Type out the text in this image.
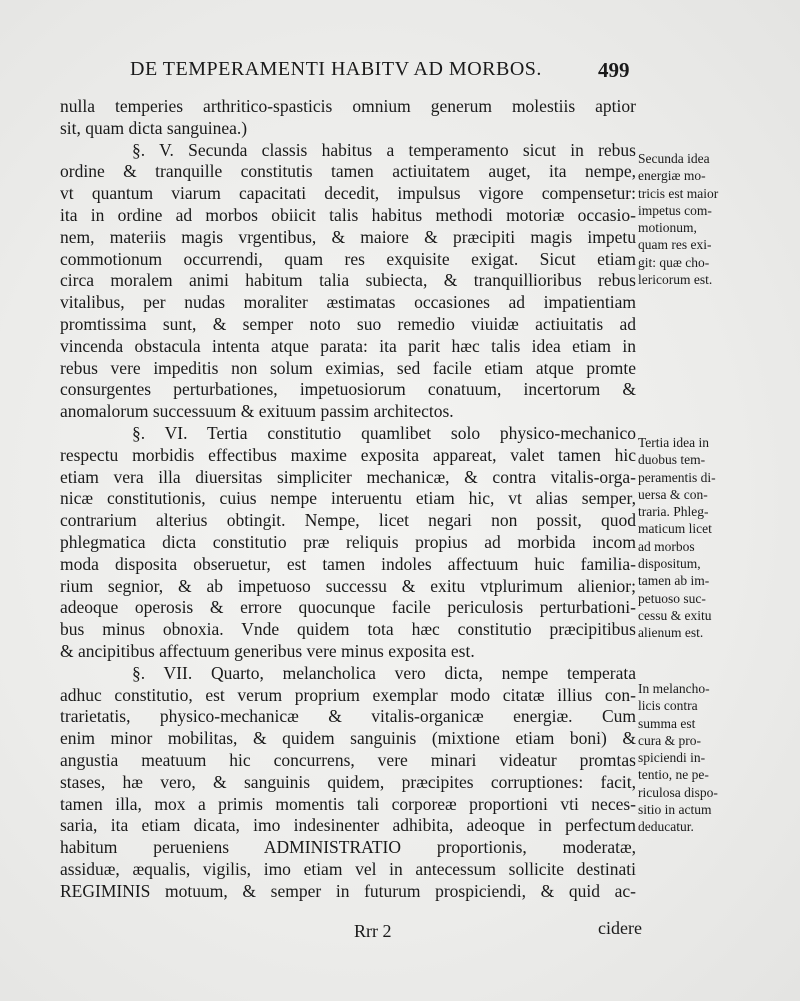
DE TEMPERAMENTI HABITV AD MORBOS.	499
nulla temperies arthritico-spasticis omnium generum molestiis aptior
sit, quam dicta sanguinea.)
§. V. Secunda classis habitus a temperamento sicut in rebus
ordine & tranquille constitutis tamen actiuitatem auget, ita nempe,
vt quantum viarum capacitati decedit, impulsus vigore compensetur:
ita in ordine ad morbos obiicit talis habitus methodi motoriæ occasio-
nem, materiis magis vrgentibus, & maiore & præcipiti magis impetu
commotionum occurrendi, quam res exquisite exigat. Sicut etiam
circa moralem animi habitum talia subiecta, & tranquillioribus rebus
vitalibus, per nudas moraliter æstimatas occasiones ad impatientiam
promtissima sunt, & semper noto suo remedio viuidæ actiuitatis ad
vincenda obstacula intenta atque parata: ita parit hæc talis idea etiam in
rebus vere impeditis non solum eximias, sed facile etiam atque promte
consurgentes perturbationes, impetuosiorum conatuum, incertorum &
anomalorum successuum & exituum passim architectos.
§. VI. Tertia constitutio quamlibet solo physico-mechanico
respectu morbidis effectibus maxime exposita appareat, valet tamen hic
etiam vera illa diuersitas simpliciter mechanicæ, & contra vitalis-orga-
nicæ constitutionis, cuius nempe interuentu etiam hic, vt alias semper,
contrarium alterius obtingit. Nempe, licet negari non possit, quod
phlegmatica dicta constitutio præ reliquis propius ad morbida incom
moda disposita obseruetur, est tamen indoles affectuum huic familia-
rium segnior, & ab impetuoso successu & exitu vtplurimum alienior;
adeoque operosis & errore quocunque facile periculosis perturbationi-
bus minus obnoxia. Vnde quidem tota hæc constitutio præcipitibus
& ancipitibus affectuum generibus vere minus exposita est.
§. VII. Quarto, melancholica vero dicta, nempe temperata
adhuc constitutio, est verum proprium exemplar modo citatæ illius con-
trarietatis, physico-mechanicæ & vitalis-organicæ energiæ. Cum
enim minor mobilitas, & quidem sanguinis (mixtione etiam boni) &
angustia meatuum hic concurrens, vere minari videatur promtas
stases, hæ vero, & sanguinis quidem, præcipites corruptiones: facit,
tamen illa, mox a primis momentis tali corporeæ proportioni vti neces-
saria, ita etiam dicata, imo indesinenter adhibita, adeoque in perfectum
habitum perueniens ADMINISTRATIO proportionis, moderatæ,
assiduæ, æqualis, vigilis, imo etiam vel in antecessum sollicite destinati
REGIMINIS motuum, & semper in futurum prospiciendi, & quid ac-
Secunda idea
energiæ mo-
tricis est maior
impetus com-
motionum,
quam res exi-
git: quæ cho-
lericorum est.
Tertia idea in
duobus tem-
peramentis di-
uersa & con-
traria. Phleg-
maticum licet
ad morbos
dispositum,
tamen ab im-
petuoso suc-
cessu & exitu
alienum est.
In melancho-
licis contra
summa est
cura & pro-
spiciendi in-
tentio, ne pe-
riculosa dispo-
sitio in actum
deducatur.
Rrr 2	cidere
